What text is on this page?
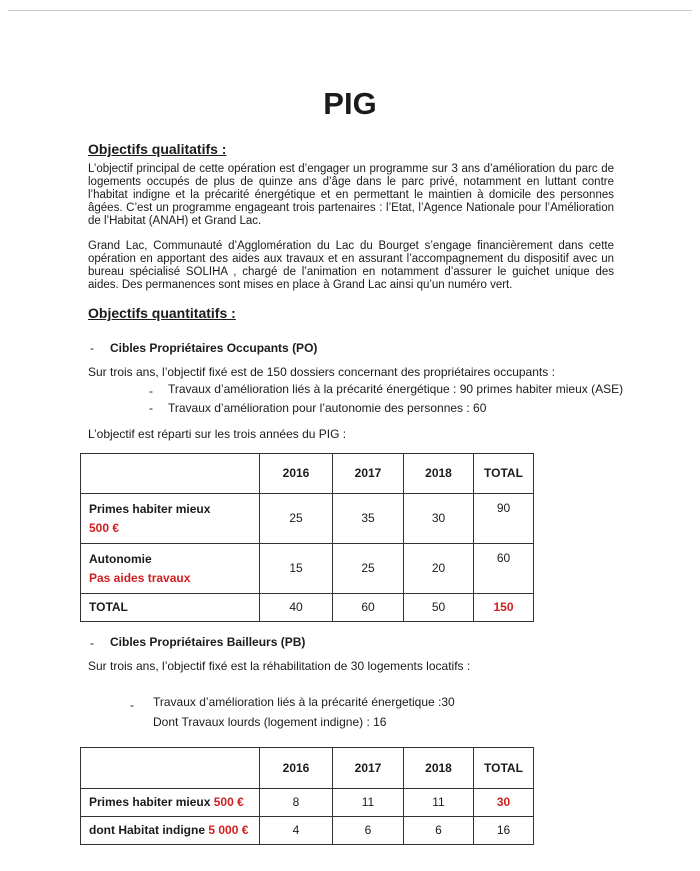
PIG
Objectifs qualitatifs :
L’objectif principal de cette opération est d’engager un programme sur 3 ans d’amélioration du parc de logements occupés de plus de quinze ans d’âge dans le parc privé, notamment en luttant contre l’habitat indigne et la précarité énergétique et en permettant le maintien à domicile des personnes âgées. C’est un programme engageant trois partenaires : l’Etat, l’Agence Nationale pour l’Amélioration de l’Habitat (ANAH) et Grand Lac.
Grand Lac, Communauté d’Agglomération du Lac du Bourget s’engage financièrement dans cette opération en apportant des aides aux travaux et en assurant l’accompagnement du dispositif avec un bureau spécialisé SOLIHA , chargé de l’animation en notamment d’assurer le guichet unique des aides. Des permanences sont mises en place à Grand Lac ainsi qu’un numéro vert.
Objectifs quantitatifs :
- Cibles Propriétaires Occupants (PO)
Sur trois ans, l’objectif fixé est de 150 dossiers concernant des propriétaires occupants :
- Travaux d’amélioration liés à la précarité énergétique : 90 primes habiter mieux (ASE)
- Travaux d’amélioration pour l’autonomie des personnes : 60
L’objectif est réparti sur les trois années du PIG :
	2016	2017	2018	TOTAL

Primes habiter mieux
500 €	25	35	30	90

Autonomie
Pas aides travaux	15	25	20	60
TOTAL	40	60	50	150
- Cibles Propriétaires Bailleurs (PB)
Sur trois ans, l’objectif fixé est la réhabilitation de 30 logements locatifs :
- Travaux d’amélioration liés à la précarité énergetique :30
Dont Travaux lourds (logement indigne) : 16
	2016	2017	2018	TOTAL
Primes habiter mieux 500 €	8	11	11	30
dont Habitat indigne 5 000 €	4	6	6	16
